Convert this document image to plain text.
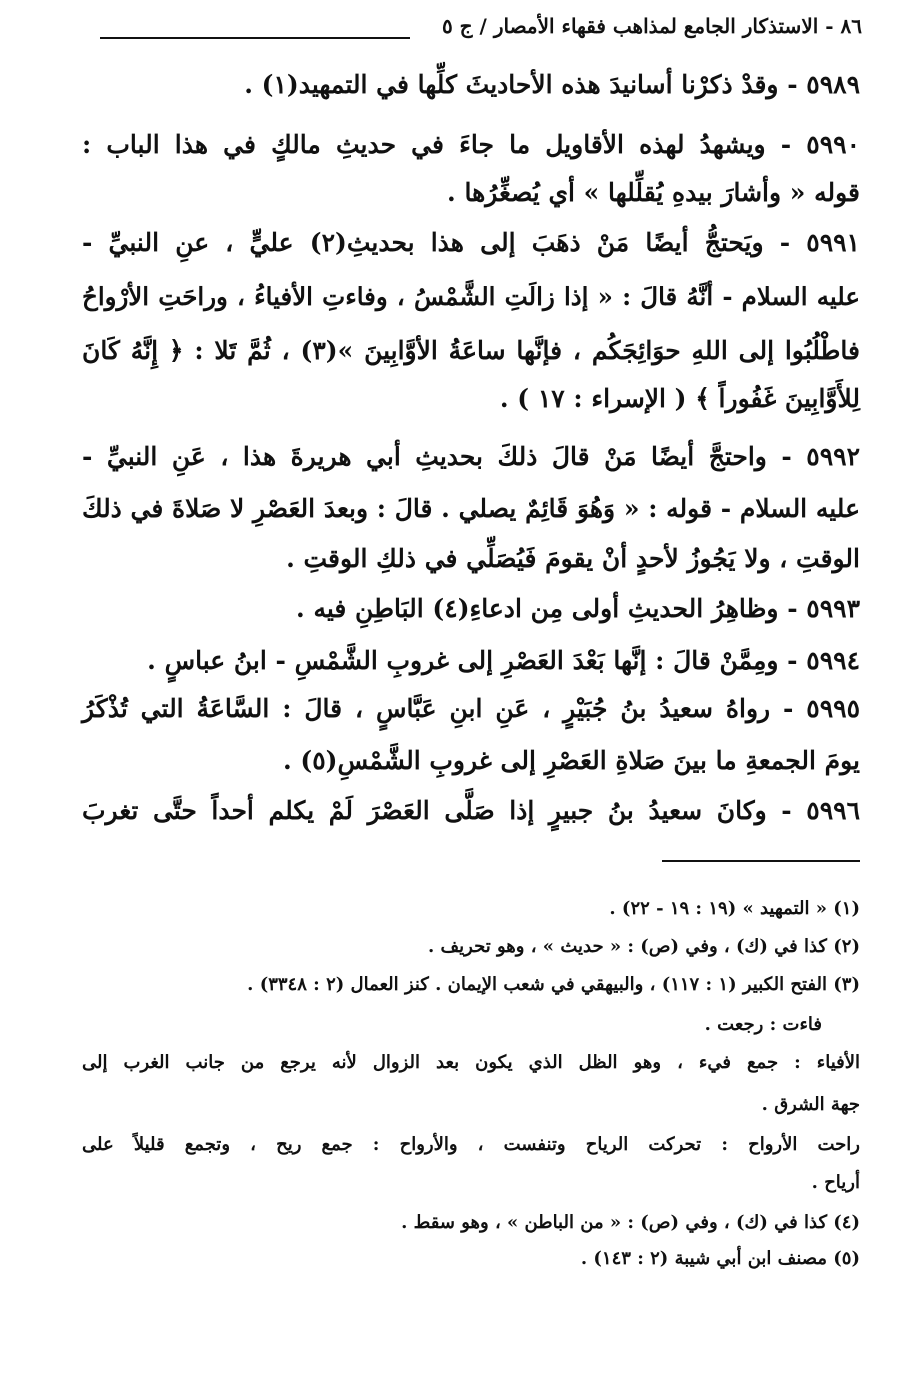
٨٦ - الاستذكار الجامع لمذاهب فقهاء الأمصار / ج ٥
٥٩٨٩ - وقدْ ذكرْنا أسانيدَ هذه الأحاديثَ كلِّها في التمهيد(١) .
٥٩٩٠ - ويشهدُ لهذه الأقاويل ما جاءَ في حديثِ مالكٍ في هذا الباب :
قوله « وأشارَ بيدهِ يُقلِّلها » أي يُصغِّرُها .
٥٩٩١ - ويَحتجُّ أيضًا مَنْ ذهَبَ إلى هذا بحديثِ(٢) عليٍّ ، عنِ النبيِّ -
عليه السلام - أنَّهُ قالَ : « إذا زالَتِ الشَّمْسُ ، وفاءتِ الأفياءُ ، وراحَتِ الأرْواحُ
فاطْلُبُوا إلى اللهِ حوَائِجَكُم ، فإنَّها ساعَةُ الأوَّابِينَ »(٣) ، ثُمَّ تَلا : ﴿ إِنَّهُ كَانَ
لِلأَوَّابِينَ غَفُوراً ﴾ ( الإسراء : ١٧ ) .
٥٩٩٢ - واحتجَّ أيضًا مَنْ قالَ ذلكَ بحديثِ أبي هريرةَ هذا ، عَنِ النبيِّ -
عليه السلام - قوله : « وَهُوَ قَائِمٌ يصلي . قالَ : وبعدَ العَصْرِ لا صَلاةَ في ذلكَ
الوقتِ ، ولا يَجُوزُ لأحدٍ أنْ يقومَ فَيُصَلِّي في ذلكِ الوقتِ .
٥٩٩٣ - وظاهِرُ الحديثِ أولى مِن ادعاءِ(٤) البَاطِنِ فيه .
٥٩٩٤ - ومِمَّنْ قالَ : إنَّها بَعْدَ العَصْرِ إلى غروبِ الشَّمْسِ - ابنُ عباسٍ .
٥٩٩٥ - رواهُ سعيدُ بنُ جُبَيْرٍ ، عَنِ ابنِ عَبَّاسٍ ، قالَ : السَّاعَةُ التي تُذْكَرُ
يومَ الجمعةِ ما بينَ صَلاةِ العَصْرِ إلى غروبِ الشَّمْسِ(٥) .
٥٩٩٦ - وكانَ سعيدُ بنُ جبيرٍ إذا صَلَّى العَصْرَ لَمْ يكلم أحداً حتَّى تغربَ
(١) « التمهيد » (١٩ : ١٩ - ٢٢) .
(٢) كذا في (ك) ، وفي (ص) : « حديث » ، وهو تحريف .
(٣) الفتح الكبير (١ : ١١٧) ، والبيهقي في شعب الإيمان . كنز العمال (٢ : ٣٣٤٨) .
فاءت : رجعت .
الأفياء : جمع فيء ، وهو الظل الذي يكون بعد الزوال لأنه يرجع من جانب الغرب إلى
جهة الشرق .
راحت الأرواح : تحركت الرياح وتنفست ، والأرواح : جمع ريح ، وتجمع قليلاً على
أرياح .
(٤) كذا في (ك) ، وفي (ص) : « من الباطن » ، وهو سقط .
(٥) مصنف ابن أبي شيبة (٢ : ١٤٣) .
